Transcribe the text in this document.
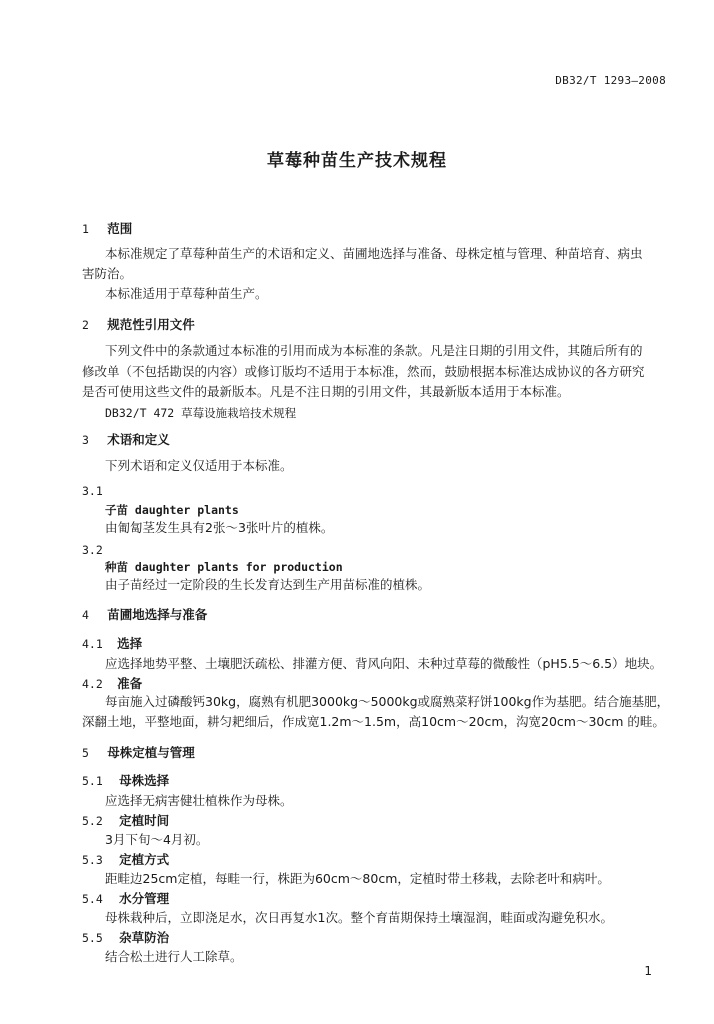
DB32/T 1293—2008
草莓种苗生产技术规程
1 范围
本标准规定了草莓种苗生产的术语和定义、苗圃地选择与准备、母株定植与管理、种苗培育、病虫
害防治。
本标准适用于草莓种苗生产。
2 规范性引用文件
下列文件中的条款通过本标准的引用而成为本标准的条款。凡是注日期的引用文件，其随后所有的
修改单（不包括勘误的内容）或修订版均不适用于本标准，然而，鼓励根据本标准达成协议的各方研究
是否可使用这些文件的最新版本。凡是不注日期的引用文件，其最新版本适用于本标准。
DB32/T 472 草莓设施栽培技术规程
3 术语和定义
下列术语和定义仅适用于本标准。
3.1
子苗 daughter plants
由匍匐茎发生具有2张～3张叶片的植株。
3.2
种苗 daughter plants for production
由子苗经过一定阶段的生长发育达到生产用苗标准的植株。
4 苗圃地选择与准备
4.1 选择
应选择地势平整、土壤肥沃疏松、排灌方便、背风向阳、未种过草莓的微酸性（pH5.5～6.5）地块。
4.2 准备
每亩施入过磷酸钙30kg，腐熟有机肥3000kg～5000kg或腐熟菜籽饼100kg作为基肥。结合施基肥，
深翻土地，平整地面，耕匀耙细后，作成宽1.2m～1.5m，高10cm～20cm，沟宽20cm～30cm 的畦。
5 母株定植与管理
5.1 母株选择
应选择无病害健壮植株作为母株。
5.2 定植时间
3月下旬～4月初。
5.3 定植方式
距畦边25cm定植，每畦一行，株距为60cm～80cm，定植时带土移栽，去除老叶和病叶。
5.4 水分管理
母株栽种后，立即浇足水，次日再复水1次。整个育苗期保持土壤湿润，畦面或沟避免积水。
5.5 杂草防治
结合松土进行人工除草。
1
